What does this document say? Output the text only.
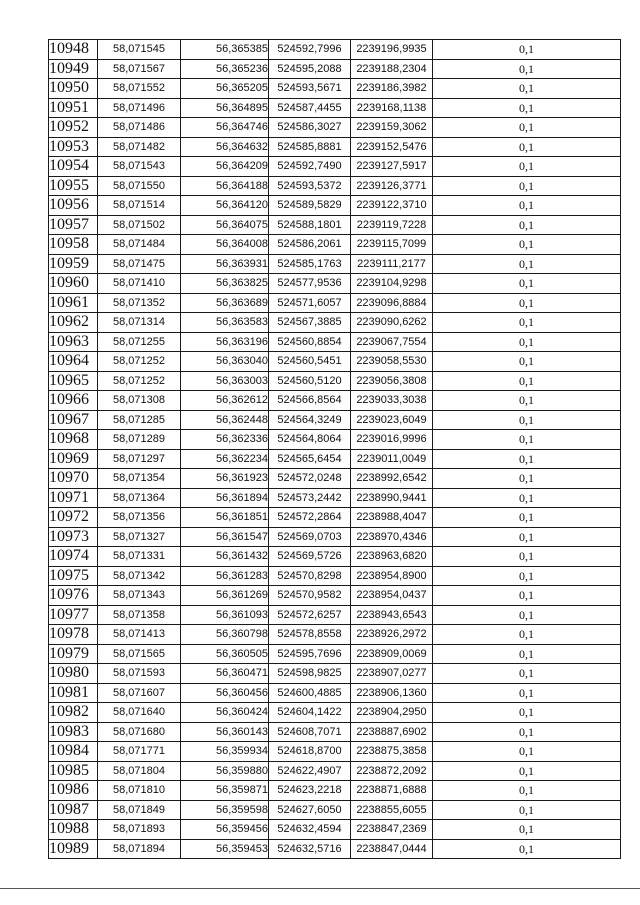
10948	58,071545	56,365385	524592,7996	2239196,9935	0,1
10949	58,071567	56,365236	524595,2088	2239188,2304	0,1
10950	58,071552	56,365205	524593,5671	2239186,3982	0,1
10951	58,071496	56,364895	524587,4455	2239168,1138	0,1
10952	58,071486	56,364746	524586,3027	2239159,3062	0,1
10953	58,071482	56,364632	524585,8881	2239152,5476	0,1
10954	58,071543	56,364209	524592,7490	2239127,5917	0,1
10955	58,071550	56,364188	524593,5372	2239126,3771	0,1
10956	58,071514	56,364120	524589,5829	2239122,3710	0,1
10957	58,071502	56,364075	524588,1801	2239119,7228	0,1
10958	58,071484	56,364008	524586,2061	2239115,7099	0,1
10959	58,071475	56,363931	524585,1763	2239111,2177	0,1
10960	58,071410	56,363825	524577,9536	2239104,9298	0,1
10961	58,071352	56,363689	524571,6057	2239096,8884	0,1
10962	58,071314	56,363583	524567,3885	2239090,6262	0,1
10963	58,071255	56,363196	524560,8854	2239067,7554	0,1
10964	58,071252	56,363040	524560,5451	2239058,5530	0,1
10965	58,071252	56,363003	524560,5120	2239056,3808	0,1
10966	58,071308	56,362612	524566,8564	2239033,3038	0,1
10967	58,071285	56,362448	524564,3249	2239023,6049	0,1
10968	58,071289	56,362336	524564,8064	2239016,9996	0,1
10969	58,071297	56,362234	524565,6454	2239011,0049	0,1
10970	58,071354	56,361923	524572,0248	2238992,6542	0,1
10971	58,071364	56,361894	524573,2442	2238990,9441	0,1
10972	58,071356	56,361851	524572,2864	2238988,4047	0,1
10973	58,071327	56,361547	524569,0703	2238970,4346	0,1
10974	58,071331	56,361432	524569,5726	2238963,6820	0,1
10975	58,071342	56,361283	524570,8298	2238954,8900	0,1
10976	58,071343	56,361269	524570,9582	2238954,0437	0,1
10977	58,071358	56,361093	524572,6257	2238943,6543	0,1
10978	58,071413	56,360798	524578,8558	2238926,2972	0,1
10979	58,071565	56,360505	524595,7696	2238909,0069	0,1
10980	58,071593	56,360471	524598,9825	2238907,0277	0,1
10981	58,071607	56,360456	524600,4885	2238906,1360	0,1
10982	58,071640	56,360424	524604,1422	2238904,2950	0,1
10983	58,071680	56,360143	524608,7071	2238887,6902	0,1
10984	58,071771	56,359934	524618,8700	2238875,3858	0,1
10985	58,071804	56,359880	524622,4907	2238872,2092	0,1
10986	58,071810	56,359871	524623,2218	2238871,6888	0,1
10987	58,071849	56,359598	524627,6050	2238855,6055	0,1
10988	58,071893	56,359456	524632,4594	2238847,2369	0,1
10989	58,071894	56,359453	524632,5716	2238847,0444	0,1
